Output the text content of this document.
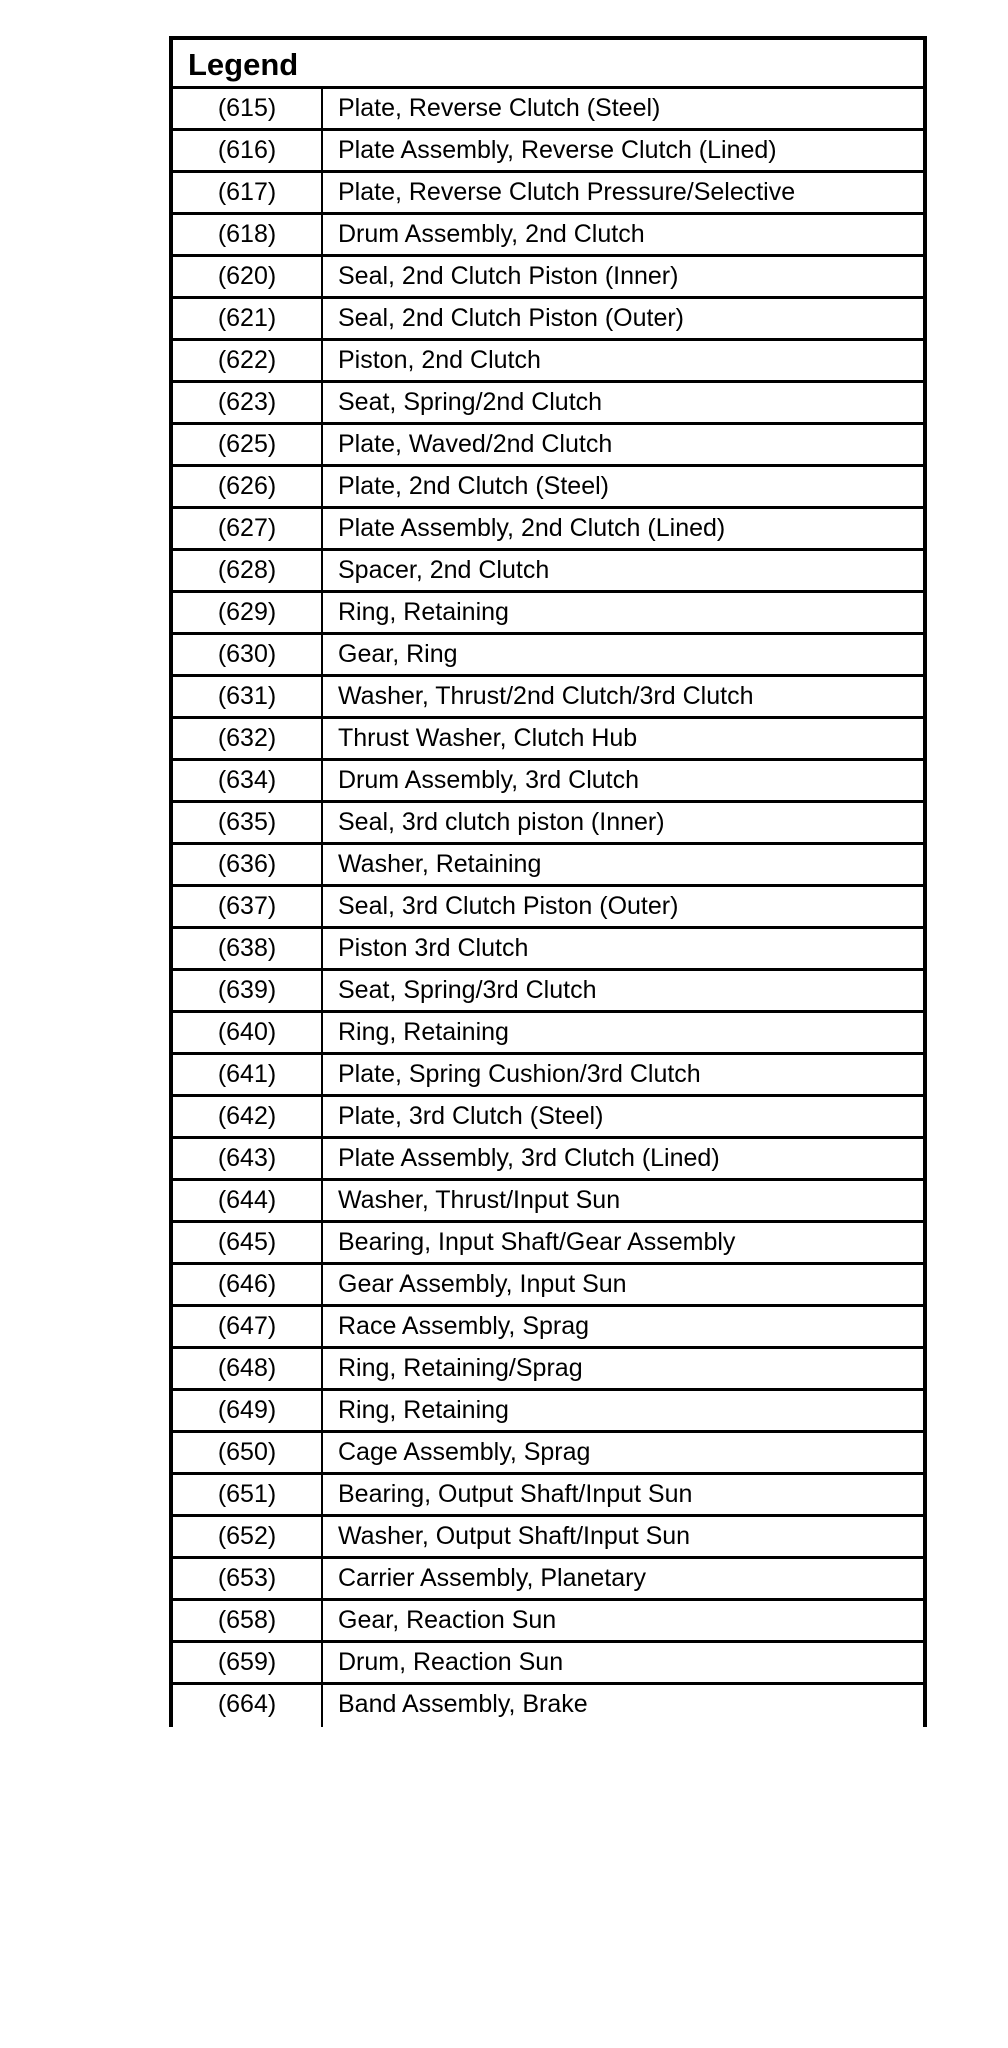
Legend
(615)	Plate, Reverse Clutch (Steel)
(616)	Plate Assembly, Reverse Clutch (Lined)
(617)	Plate, Reverse Clutch Pressure/Selective
(618)	Drum Assembly, 2nd Clutch
(620)	Seal, 2nd Clutch Piston (Inner)
(621)	Seal, 2nd Clutch Piston (Outer)
(622)	Piston, 2nd Clutch
(623)	Seat, Spring/2nd Clutch
(625)	Plate, Waved/2nd Clutch
(626)	Plate, 2nd Clutch (Steel)
(627)	Plate Assembly, 2nd Clutch (Lined)
(628)	Spacer, 2nd Clutch
(629)	Ring, Retaining
(630)	Gear, Ring
(631)	Washer, Thrust/2nd Clutch/3rd Clutch
(632)	Thrust Washer, Clutch Hub
(634)	Drum Assembly, 3rd Clutch
(635)	Seal, 3rd clutch piston (Inner)
(636)	Washer, Retaining
(637)	Seal, 3rd Clutch Piston (Outer)
(638)	Piston 3rd Clutch
(639)	Seat, Spring/3rd Clutch
(640)	Ring, Retaining
(641)	Plate, Spring Cushion/3rd Clutch
(642)	Plate, 3rd Clutch (Steel)
(643)	Plate Assembly, 3rd Clutch (Lined)
(644)	Washer, Thrust/Input Sun
(645)	Bearing, Input Shaft/Gear Assembly
(646)	Gear Assembly, Input Sun
(647)	Race Assembly, Sprag
(648)	Ring, Retaining/Sprag
(649)	Ring, Retaining
(650)	Cage Assembly, Sprag
(651)	Bearing, Output Shaft/Input Sun
(652)	Washer, Output Shaft/Input Sun
(653)	Carrier Assembly, Planetary
(658)	Gear, Reaction Sun
(659)	Drum, Reaction Sun
(664)	Band Assembly, Brake
